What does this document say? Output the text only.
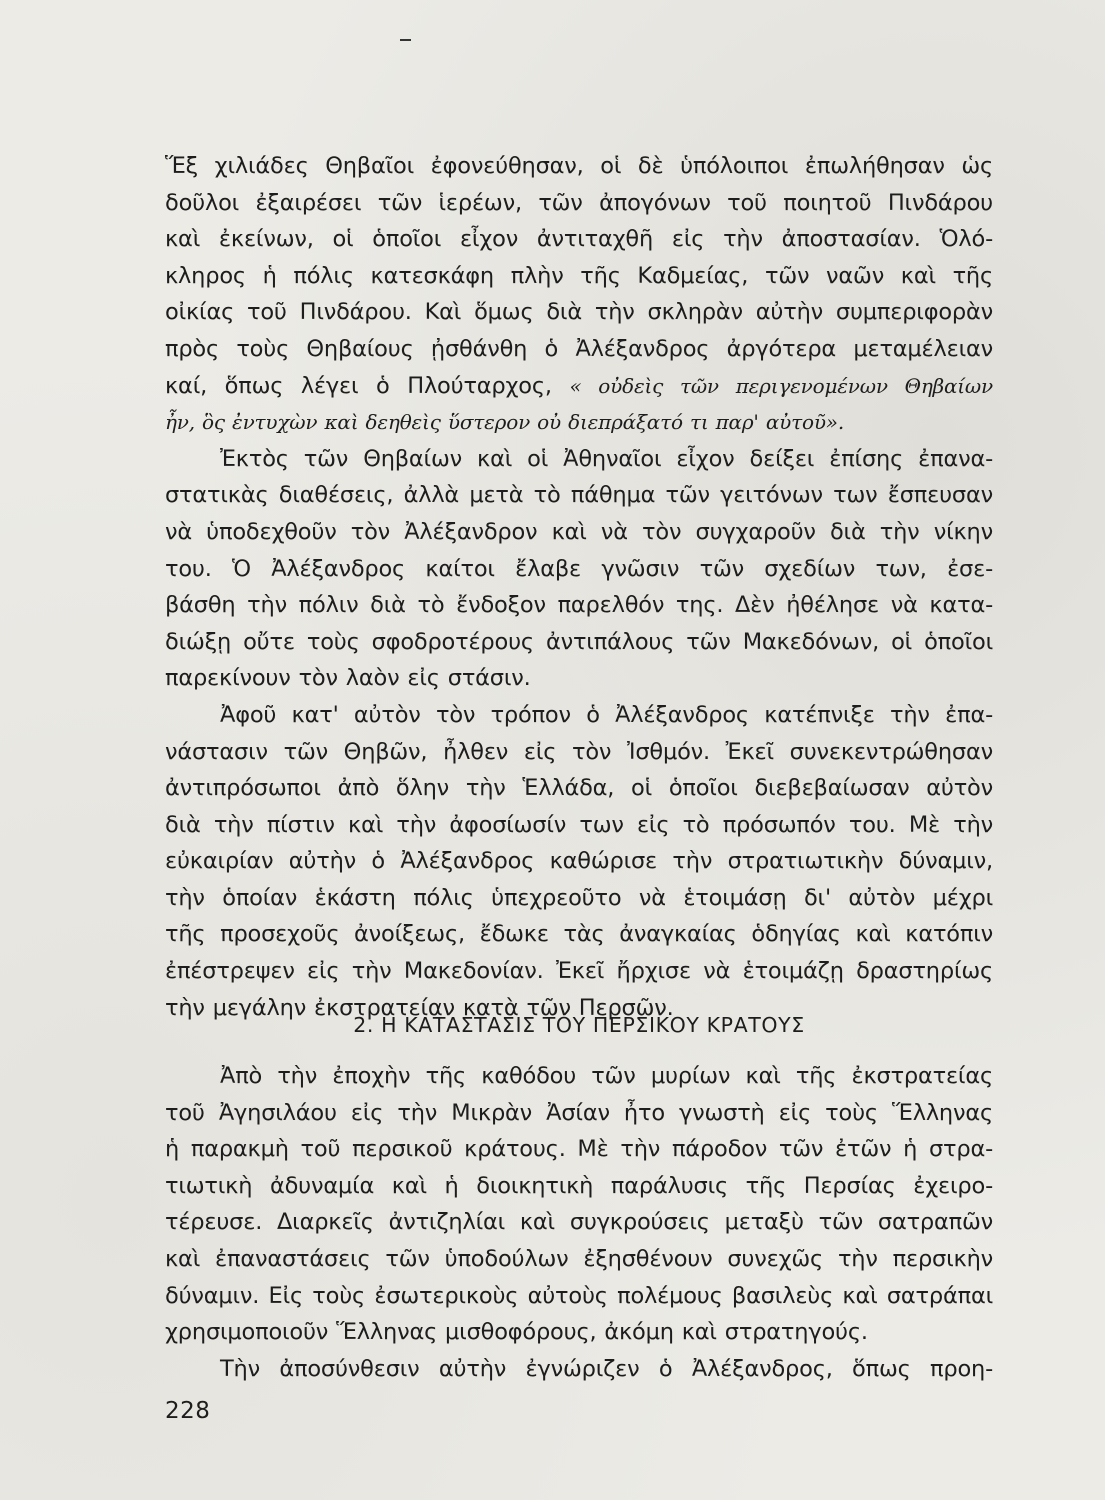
Ἕξ χιλιάδες Θηβαῖοι ἐφονεύθησαν, οἱ δὲ ὑπόλοιποι ἐπωλήθησαν ὡς
δοῦλοι ἐξαιρέσει τῶν ἱερέων, τῶν ἀπογόνων τοῦ ποιητοῦ Πινδάρου
καὶ ἐκείνων, οἱ ὁποῖοι εἶχον ἀντιταχθῆ εἰς τὴν ἀποστασίαν. Ὁλό-
κληρος ἡ πόλις κατεσκάφη πλὴν τῆς Καδμείας, τῶν ναῶν καὶ τῆς
οἰκίας τοῦ Πινδάρου. Καὶ ὅμως διὰ τὴν σκληρὰν αὐτὴν συμπεριφορὰν
πρὸς τοὺς Θηβαίους ᾐσθάνθη ὁ Ἀλέξανδρος ἀργότερα μεταμέλειαν
καί, ὅπως λέγει ὁ Πλούταρχος, « οὐδεὶς τῶν περιγενομένων Θηβαίων
ἦν, ὃς ἐντυχὼν καὶ δεηθεὶς ὕστερον οὐ διεπράξατό τι παρ' αὐτοῦ».
Ἐκτὸς τῶν Θηβαίων καὶ οἱ Ἀθηναῖοι εἶχον δείξει ἐπίσης ἐπανα-
στατικὰς διαθέσεις, ἀλλὰ μετὰ τὸ πάθημα τῶν γειτόνων των ἔσπευσαν
νὰ ὑποδεχθοῦν τὸν Ἀλέξανδρον καὶ νὰ τὸν συγχαροῦν διὰ τὴν νίκην
του. Ὁ Ἀλέξανδρος καίτοι ἔλαβε γνῶσιν τῶν σχεδίων των, ἐσε-
βάσθη τὴν πόλιν διὰ τὸ ἔνδοξον παρελθόν της. Δὲν ἠθέλησε νὰ κατα-
διώξῃ οὔτε τοὺς σφοδροτέρους ἀντιπάλους τῶν Μακεδόνων, οἱ ὁποῖοι
παρεκίνουν τὸν λαὸν εἰς στάσιν.
Ἀφοῦ κατ' αὐτὸν τὸν τρόπον ὁ Ἀλέξανδρος κατέπνιξε τὴν ἐπα-
νάστασιν τῶν Θηβῶν, ἦλθεν εἰς τὸν Ἰσθμόν. Ἐκεῖ συνεκεντρώθησαν
ἀντιπρόσωποι ἀπὸ ὅλην τὴν Ἑλλάδα, οἱ ὁποῖοι διεβεβαίωσαν αὐτὸν
διὰ τὴν πίστιν καὶ τὴν ἀφοσίωσίν των εἰς τὸ πρόσωπόν του. Μὲ τὴν
εὐκαιρίαν αὐτὴν ὁ Ἀλέξανδρος καθώρισε τὴν στρατιωτικὴν δύναμιν,
τὴν ὁποίαν ἑκάστη πόλις ὑπεχρεοῦτο νὰ ἑτοιμάσῃ δι' αὐτὸν μέχρι
τῆς προσεχοῦς ἀνοίξεως, ἔδωκε τὰς ἀναγκαίας ὁδηγίας καὶ κατόπιν
ἐπέστρεψεν εἰς τὴν Μακεδονίαν. Ἐκεῖ ἤρχισε νὰ ἑτοιμάζῃ δραστηρίως
τὴν μεγάλην ἐκστρατείαν κατὰ τῶν Περσῶν.
2. Η ΚΑΤΑΣΤΑΣΙΣ ΤΟΥ ΠΕΡΣΙΚΟΥ ΚΡΑΤΟΥΣ
Ἀπὸ τὴν ἐποχὴν τῆς καθόδου τῶν μυρίων καὶ τῆς ἐκστρατείας
τοῦ Ἀγησιλάου εἰς τὴν Μικρὰν Ἀσίαν ἦτο γνωστὴ εἰς τοὺς Ἕλληνας
ἡ παρακμὴ τοῦ περσικοῦ κράτους. Μὲ τὴν πάροδον τῶν ἐτῶν ἡ στρα-
τιωτικὴ ἀδυναμία καὶ ἡ διοικητικὴ παράλυσις τῆς Περσίας ἐχειρο-
τέρευσε. Διαρκεῖς ἀντιζηλίαι καὶ συγκρούσεις μεταξὺ τῶν σατραπῶν
καὶ ἐπαναστάσεις τῶν ὑποδούλων ἐξησθένουν συνεχῶς τὴν περσικὴν
δύναμιν. Εἰς τοὺς ἐσωτερικοὺς αὐτοὺς πολέμους βασιλεὺς καὶ σατράπαι
χρησιμοποιοῦν Ἕλληνας μισθοφόρους, ἀκόμη καὶ στρατηγούς.
Τὴν ἀποσύνθεσιν αὐτὴν ἐγνώριζεν ὁ Ἀλέξανδρος, ὅπως προη-
228
